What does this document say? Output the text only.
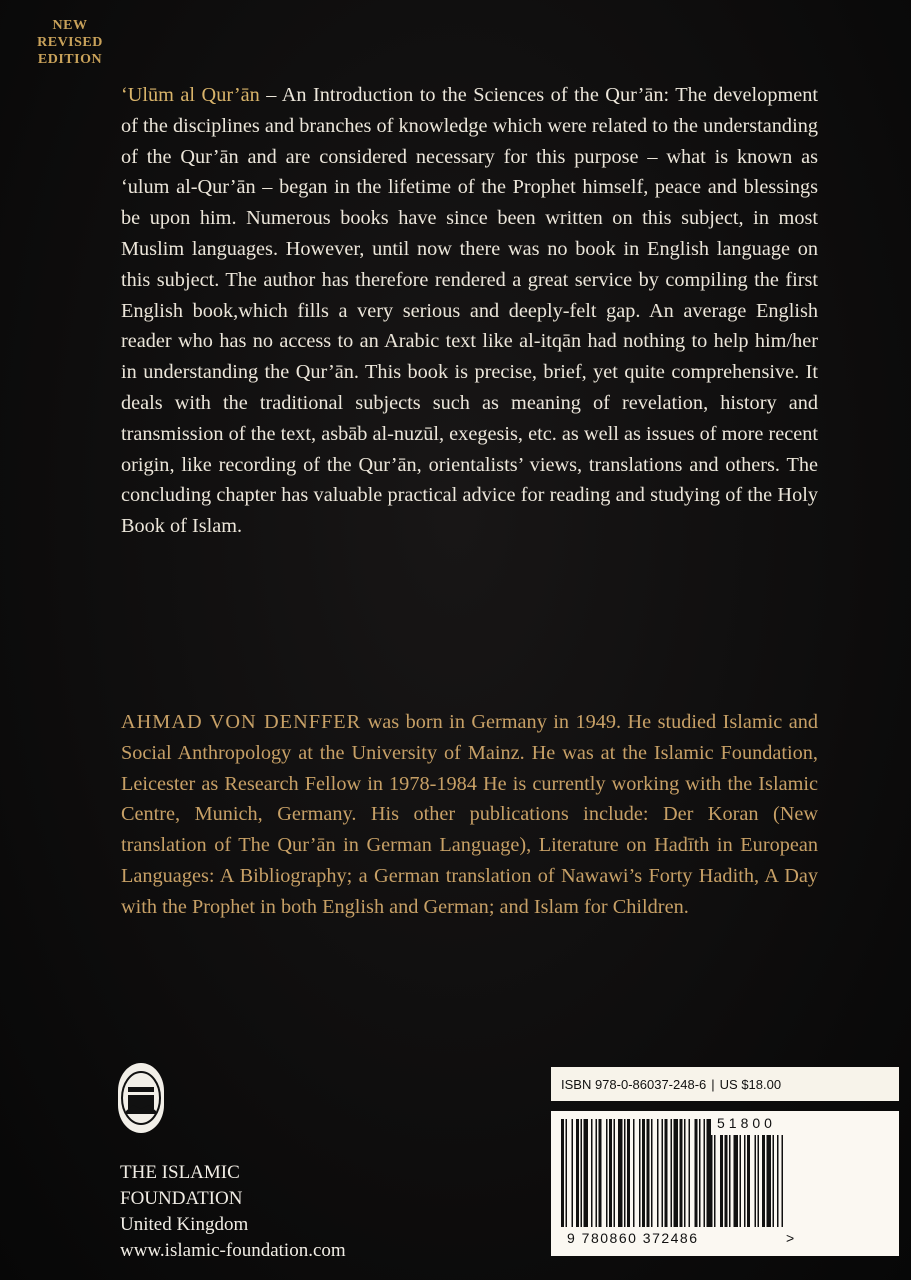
NEW
REVISED
EDITION

‘Ulūm al Qur’ān – An Introduction to the Sciences of the Qur’ān: The development of the disciplines and branches of knowledge which were related to the understanding of the Qur’ān and are considered necessary for this purpose – what is known as ‘ulum al-Qur’ān – began in the lifetime of the Prophet himself, peace and blessings be upon him. Numerous books have since been written on this subject, in most Muslim languages. However, until now there was no book in English language on this subject. The author has therefore rendered a great service by compiling the first English book,which fills a very serious and deeply-felt gap. An average English reader who has no access to an Arabic text like al-itqān had nothing to help him/her in understanding the Qur’ān. This book is precise, brief, yet quite comprehensive. It deals with the traditional subjects such as meaning of revelation, history and transmission of the text, asbāb al-nuzūl, exegesis, etc. as well as issues of more recent origin, like recording of the Qur’ān, orientalists’ views, translations and others. The concluding chapter has valuable practical advice for reading and studying of the Holy Book of Islam.

AHMAD VON DENFFER was born in Germany in 1949. He studied Islamic and Social Anthropology at the University of Mainz. He was at the Islamic Foundation, Leicester as Research Fellow in 1978-1984 He is currently working with the Islamic Centre, Munich, Germany. His other publications include: Der Koran (New translation of The Qur’ān in German Language), Literature on Hadīth in European Languages: A Bibliography; a German translation of Nawawi’s Forty Hadith, A Day with the Prophet in both English and German; and Islam for Children.

THE ISLAMIC
FOUNDATION
United Kingdom
www.islamic-foundation.com
ISBN 978-0-86037-248-6 | US $18.00
51800
9 780860 372486	>
